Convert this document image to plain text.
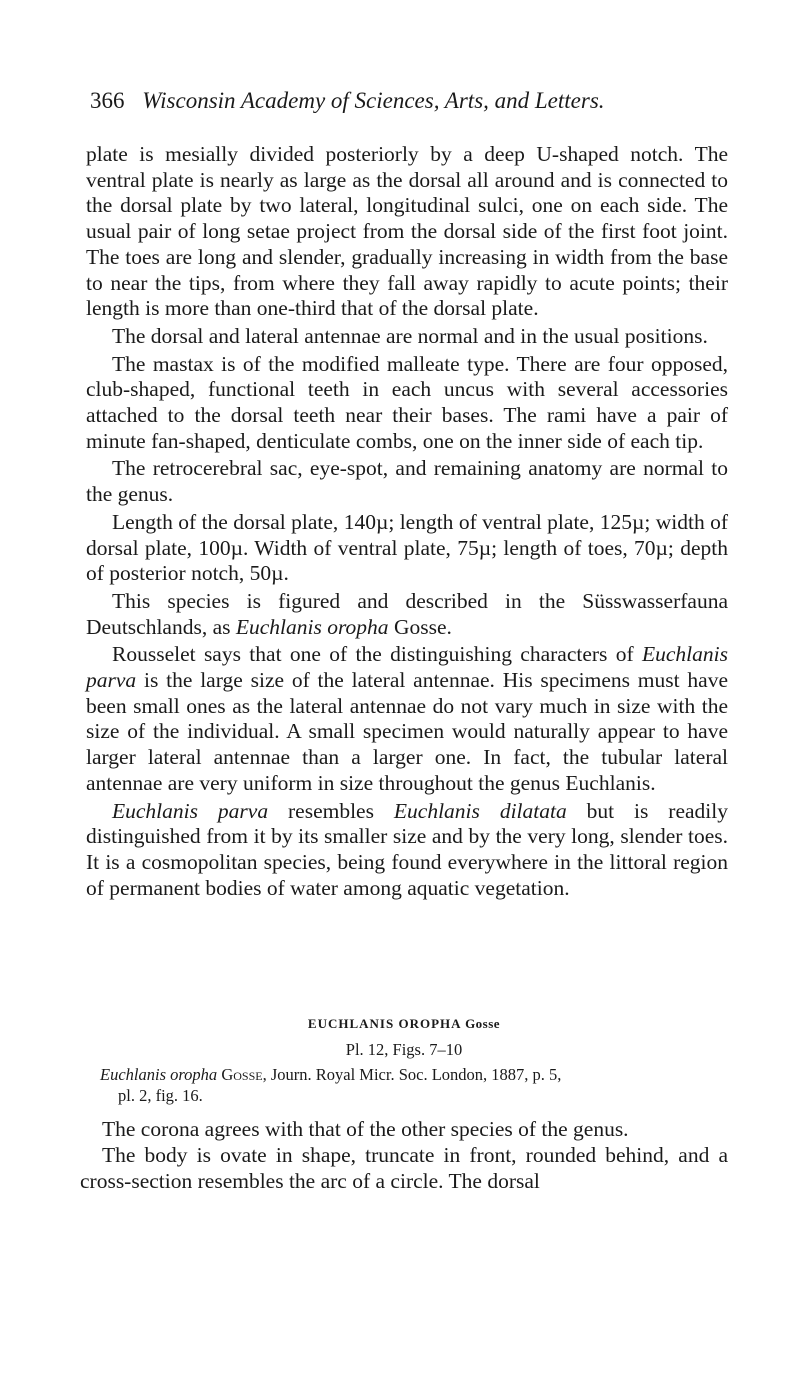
366 Wisconsin Academy of Sciences, Arts, and Letters.

plate is mesially divided posteriorly by a deep U-shaped notch. The ventral plate is nearly as large as the dorsal all around and is connected to the dorsal plate by two lateral, longitudinal sulci, one on each side. The usual pair of long setae project from the dorsal side of the first foot joint. The toes are long and slender, gradually increasing in width from the base to near the tips, from where they fall away rapidly to acute points; their length is more than one-third that of the dorsal plate.

The dorsal and lateral antennae are normal and in the usual positions.

The mastax is of the modified malleate type. There are four opposed, club-shaped, functional teeth in each uncus with several accessories attached to the dorsal teeth near their bases. The rami have a pair of minute fan-shaped, denticulate combs, one on the inner side of each tip.

The retrocerebral sac, eye-spot, and remaining anatomy are normal to the genus.

Length of the dorsal plate, 140µ; length of ventral plate, 125µ; width of dorsal plate, 100µ. Width of ventral plate, 75µ; length of toes, 70µ; depth of posterior notch, 50µ.

This species is figured and described in the Süsswasserfauna Deutschlands, as Euchlanis oropha Gosse.

Rousselet says that one of the distinguishing characters of Euchlanis parva is the large size of the lateral antennae. His specimens must have been small ones as the lateral antennae do not vary much in size with the size of the individual. A small specimen would naturally appear to have larger lateral antennae than a larger one. In fact, the tubular lateral antennae are very uniform in size throughout the genus Euchlanis.

Euchlanis parva resembles Euchlanis dilatata but is readily distinguished from it by its smaller size and by the very long, slender toes. It is a cosmopolitan species, being found everywhere in the littoral region of permanent bodies of water among aquatic vegetation.

EUCHLANIS OROPHA Gosse
Pl. 12, Figs. 7–10
Euchlanis oropha Gosse, Journ. Royal Micr. Soc. London, 1887, p. 5,
pl. 2, fig. 16.

The corona agrees with that of the other species of the genus.

The body is ovate in shape, truncate in front, rounded behind, and a cross-section resembles the arc of a circle. The dorsal
